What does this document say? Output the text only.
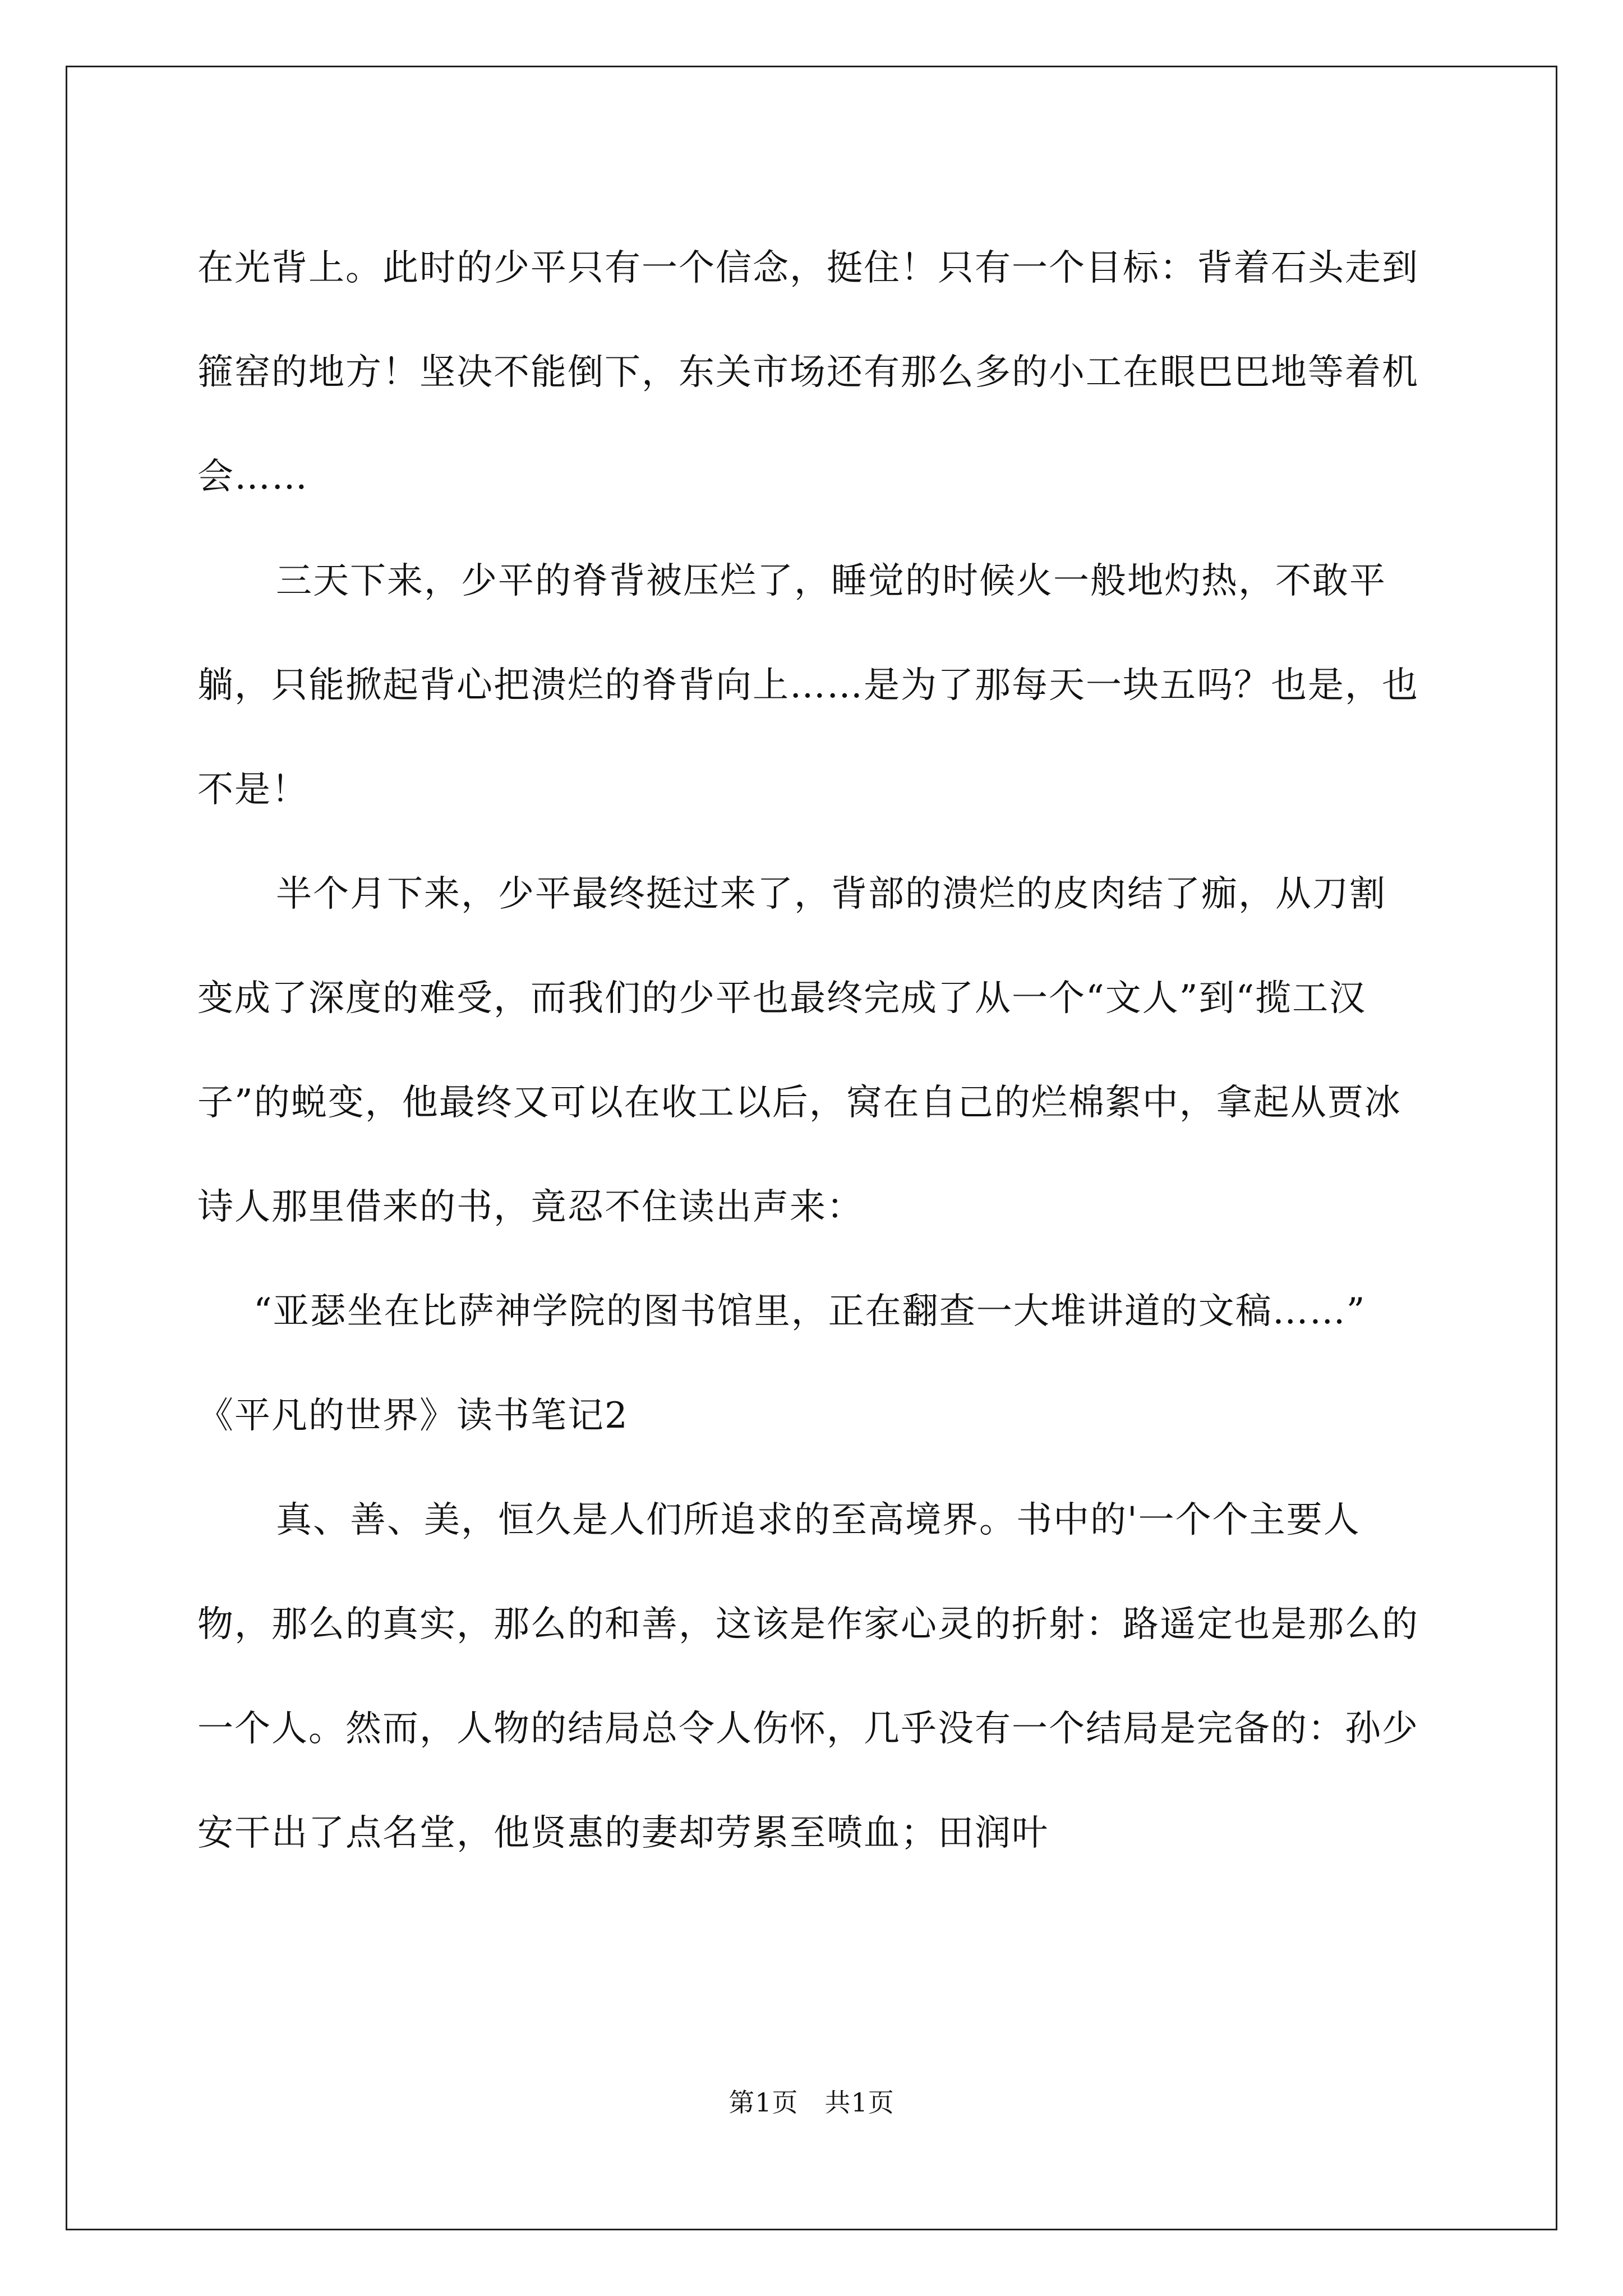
在光背上。此时的少平只有一个信念，挺住！只有一个目标：背着石头走到箍窑的地方！坚决不能倒下，东关市场还有那么多的小工在眼巴巴地等着机会……

三天下来，少平的脊背被压烂了，睡觉的时候火一般地灼热，不敢平躺，只能掀起背心把溃烂的脊背向上……是为了那每天一块五吗？也是，也不是！

半个月下来，少平最终挺过来了，背部的溃烂的皮肉结了痂，从刀割变成了深度的难受，而我们的少平也最终完成了从一个“文人”到“揽工汉子”的蜕变，他最终又可以在收工以后，窝在自己的烂棉絮中，拿起从贾冰诗人那里借来的书，竟忍不住读出声来：

“亚瑟坐在比萨神学院的图书馆里，正在翻查一大堆讲道的文稿……”

《平凡的世界》读书笔记2

真、善、美，恒久是人们所追求的至高境界。书中的'一个个主要人物，那么的真实，那么的和善，这该是作家心灵的折射：路遥定也是那么的一个人。然而，人物的结局总令人伤怀，几乎没有一个结局是完备的：孙少安干出了点名堂，他贤惠的妻却劳累至喷血；田润叶

第1页　共1页
